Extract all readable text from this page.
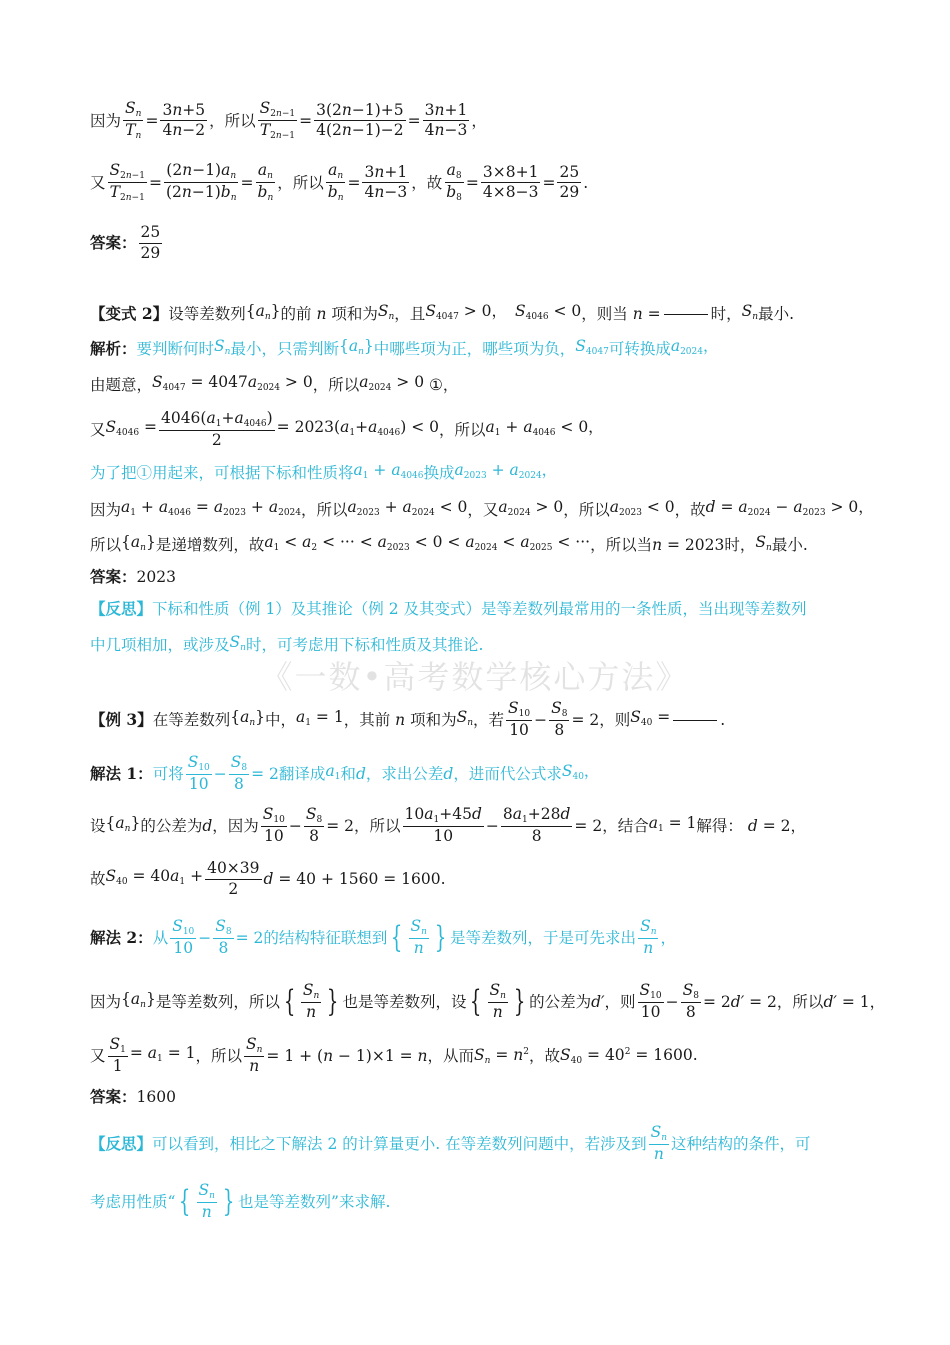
《一数•高考数学核心方法》
因为 $\frac{S_n}{T_n} = \frac{3n+5}{4n-2}$ ，所以 $\frac{S_{2n-1}}{T_{2n-1}} = \frac{3(2n-1)+5}{4(2n-1)-2} = \frac{3n+1}{4n-3}$ ，
又 $\frac{S_{2n-1}}{T_{2n-1}} = \frac{(2n-1)a_n}{(2n-1)b_n} = \frac{a_n}{b_n}$ ，所以 $\frac{a_n}{b_n} = \frac{3n+1}{4n-3}$ ，故 $\frac{a_8}{b_8} = \frac{3\times 8+1}{4\times 8-3} = \frac{25}{29}$ .
答案： $\frac{25}{29}$
【变式 2】 设等差数列 $\{a_n\}$ 的前 n 项和为 $S_n$ ，且 $S_{4047} > 0$， $S_{4046} < 0$ ，则当 n =	时， $S_n$ 最小.
解析： 要判断何时 $S_n$ 最小，只需判断 $\{a_n\}$ 中哪些项为正，哪些项为负， $S_{4047}$ 可转换成 $a_{2024}$，
由题意， $S_{4047} = 4047a_{2024} > 0$ ，所以 $a_{2024} > 0$ ①，
又 $S_{4046} = \frac{4046(a_1+a_{4046})}{2} = 2023(a_1+a_{4046}) < 0$ ，所以 $a_1 + a_{4046} < 0$，
为了把①用起来，可根据下标和性质将 $a_1 + a_{4046}$ 换成 $a_{2023} + a_{2024}$，
因为 $a_1 + a_{4046} = a_{2023} + a_{2024}$ ，所以 $a_{2023} + a_{2024} < 0$ ，又 $a_{2024} > 0$ ，所以 $a_{2023} < 0$ ，故 $d = a_{2024} - a_{2023} > 0$，
所以 $\{a_n\}$ 是递增数列，故 $a_1 < a_2$ < ··· < $a_{2023} < 0 < a_{2024} < a_{2025}$ < ··· ，所以当 n = 2023 时， $S_n$ 最小.
答案： 2023
【反思】 下标和性质（例 1）及其推论（例 2 及其变式）是等差数列最常用的一条性质，当出现等差数列
中几项相加，或涉及 $S_n$ 时，可考虑用下标和性质及其推论.
【例 3】 在等差数列 $\{a_n\}$ 中， $a_1 = 1$ ，其前 n 项和为 $S_n$ ，若 $\frac{S_{10}}{10} - \frac{S_8}{8} = 2$ ，则 $S_{40}$ =	.
解法 1： 可将 $\frac{S_{10}}{10} - \frac{S_8}{8} = 2$ 翻译成 $a_1$ 和 d ，求出公差 d ，进而代公式求 $S_{40}$，
设 $\{a_n\}$ 的公差为 d ，因为 $\frac{S_{10}}{10} - \frac{S_8}{8} = 2$ ，所以 $\frac{10a_1+45d}{10} - \frac{8a_1+28d}{8} = 2$ ，结合 $a_1 = 1$ 解得： d = 2，
故 $S_{40} = 40a_1 + \frac{40\times 39}{2}$ d = 40 + 1560 = 1600.
解法 2： 从 $\frac{S_{10}}{10} - \frac{S_8}{8} = 2$ 的结构特征联想到 { $\frac{S_n}{n}$ } 是等差数列，于是可先求出 $\frac{S_n}{n}$ ，
因为 $\{a_n\}$ 是等差数列，所以 { $\frac{S_n}{n}$ } 也是等差数列，设 { $\frac{S_n}{n}$ } 的公差为 d′ ，则 $\frac{S_{10}}{10} - \frac{S_8}{8} = 2d' = 2$ ，所以 d′ = 1，
又 $\frac{S_1}{1} = a_1 = 1$ ，所以 $\frac{S_n}{n} = 1 + (n - 1)\times 1 = n$ ，从而 $S_n = n^2$ ，故 $S_{40} = 40^2 = 1600$.
答案： 1600
【反思】 可以看到，相比之下解法 2 的计算量更小. 在等差数列问题中，若涉及到 $\frac{S_n}{n}$ 这种结构的条件，可
考虑用性质“ { $\frac{S_n}{n}$ } 也是等差数列”来求解.
